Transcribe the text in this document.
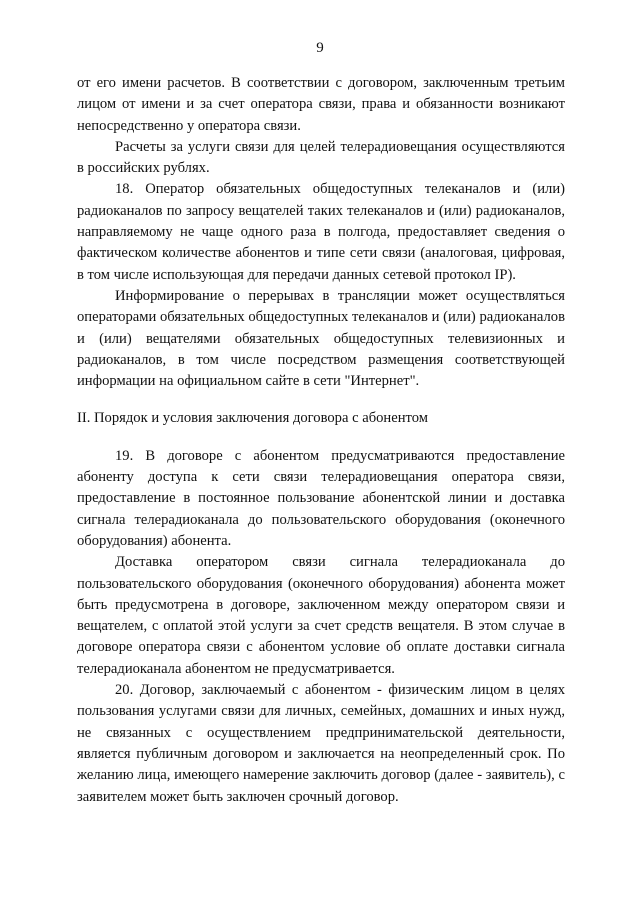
9

от его имени расчетов. В соответствии с договором, заключенным третьим лицом от имени и за счет оператора связи, права и обязанности возникают непосредственно у оператора связи.

Расчеты за услуги связи для целей телерадиовещания осуществляются в российских рублях.

18. Оператор обязательных общедоступных телеканалов и (или) радиоканалов по запросу вещателей таких телеканалов и (или) радиоканалов, направляемому не чаще одного раза в полгода, предоставляет сведения о фактическом количестве абонентов и типе сети связи (аналоговая, цифровая, в том числе использующая для передачи данных сетевой протокол IP).

Информирование о перерывах в трансляции может осуществляться операторами обязательных общедоступных телеканалов и (или) радиоканалов и (или) вещателями обязательных общедоступных телевизионных и радиоканалов, в том числе посредством размещения соответствующей информации на официальном сайте в сети "Интернет".

II. Порядок и условия заключения договора с абонентом

19. В договоре с абонентом предусматриваются предоставление абоненту доступа к сети связи телерадиовещания оператора связи, предоставление в постоянное пользование абонентской линии и доставка сигнала телерадиоканала до пользовательского оборудования (оконечного оборудования) абонента.

Доставка оператором связи сигнала телерадиоканала до пользовательского оборудования (оконечного оборудования) абонента может быть предусмотрена в договоре, заключенном между оператором связи и вещателем, с оплатой этой услуги за счет средств вещателя. В этом случае в договоре оператора связи с абонентом условие об оплате доставки сигнала телерадиоканала абонентом не предусматривается.

20. Договор, заключаемый с абонентом - физическим лицом в целях пользования услугами связи для личных, семейных, домашних и иных нужд, не связанных с осуществлением предпринимательской деятельности, является публичным договором и заключается на неопределенный срок. По желанию лица, имеющего намерение заключить договор (далее - заявитель), с заявителем может быть заключен срочный договор.
